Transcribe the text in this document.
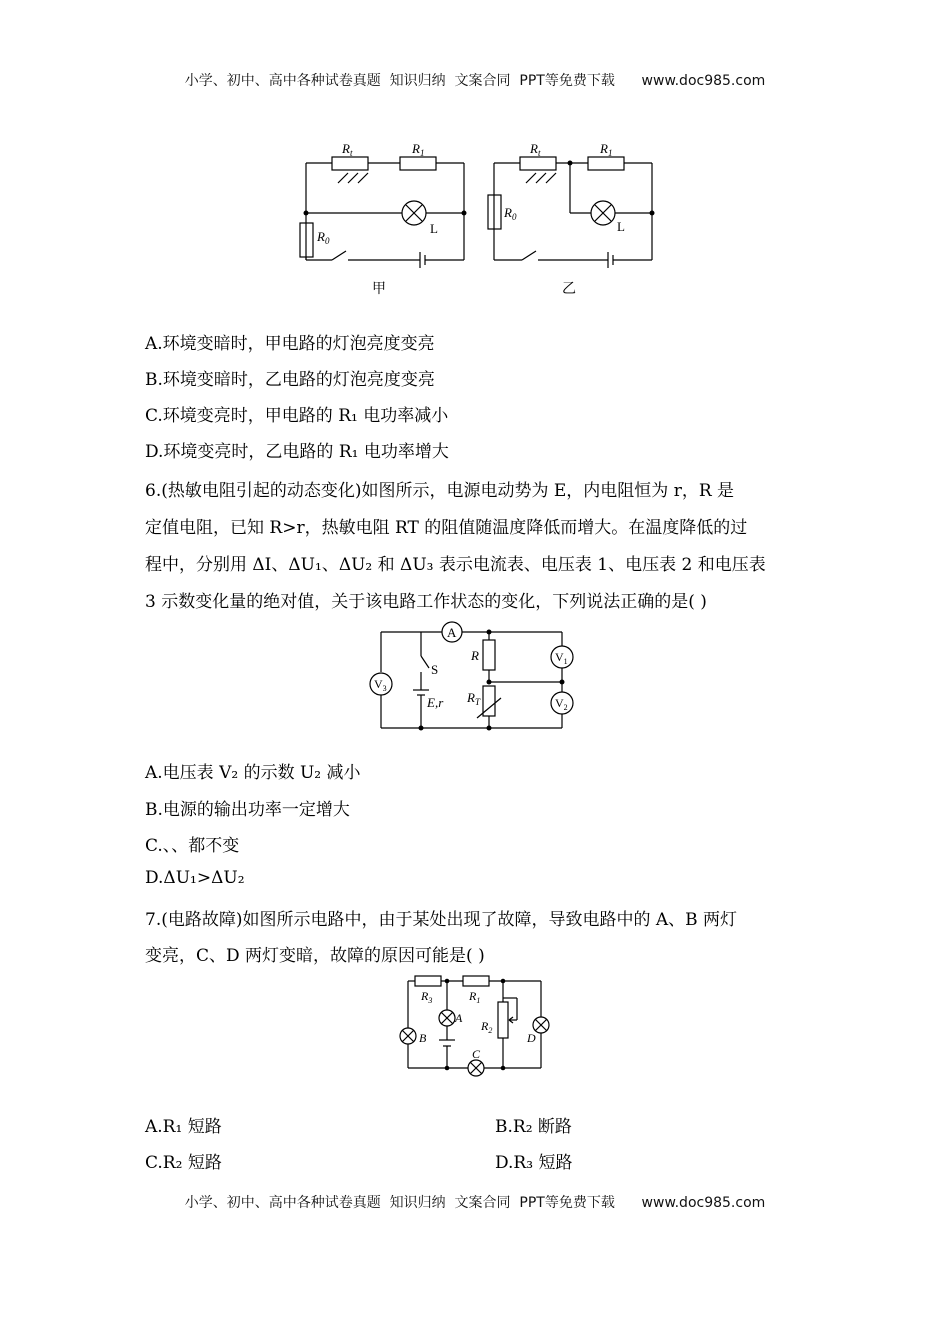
小学、初中、高中各种试卷真题  知识归纳  文案合同  PPT等免费下载      www.doc985.com
$R_t$	$R_1$
$R_0$
L
$R_t$	$R_1$
$R_0$
L
甲	乙
A.环境变暗时，甲电路的灯泡亮度变亮
B.环境变暗时，乙电路的灯泡亮度变亮
C.环境变亮时，甲电路的 R₁ 电功率减小
D.环境变亮时，乙电路的 R₁ 电功率增大
6.(热敏电阻引起的动态变化)如图所示，电源电动势为 E，内电阻恒为 r，R 是
定值电阻，已知 R>r，热敏电阻 RT 的阻值随温度降低而增大。在温度降低的过
程中，分别用 ΔI、ΔU₁、ΔU₂ 和 ΔU₃ 表示电流表、电压表 1、电压表 2 和电压表
3 示数变化量的绝对值，关于该电路工作状态的变化，下列说法正确的是( )
A
$V_3$
$V_1$
$V_2$
S
E,r
R
$R_T$
A.电压表 V₂ 的示数 U₂ 减小
B.电源的输出功率一定增大
C.、、都不变
D.ΔU₁>ΔU₂
7.(电路故障)如图所示电路中，由于某处出现了故障，导致电路中的 A、B 两灯
变亮，C、D 两灯变暗，故障的原因可能是( )
$R_3$	$R_1$
$R_2$
A
B
C
D
A.R₁ 短路	B.R₂ 断路
C.R₂ 短路	D.R₃ 短路
小学、初中、高中各种试卷真题  知识归纳  文案合同  PPT等免费下载      www.doc985.com
